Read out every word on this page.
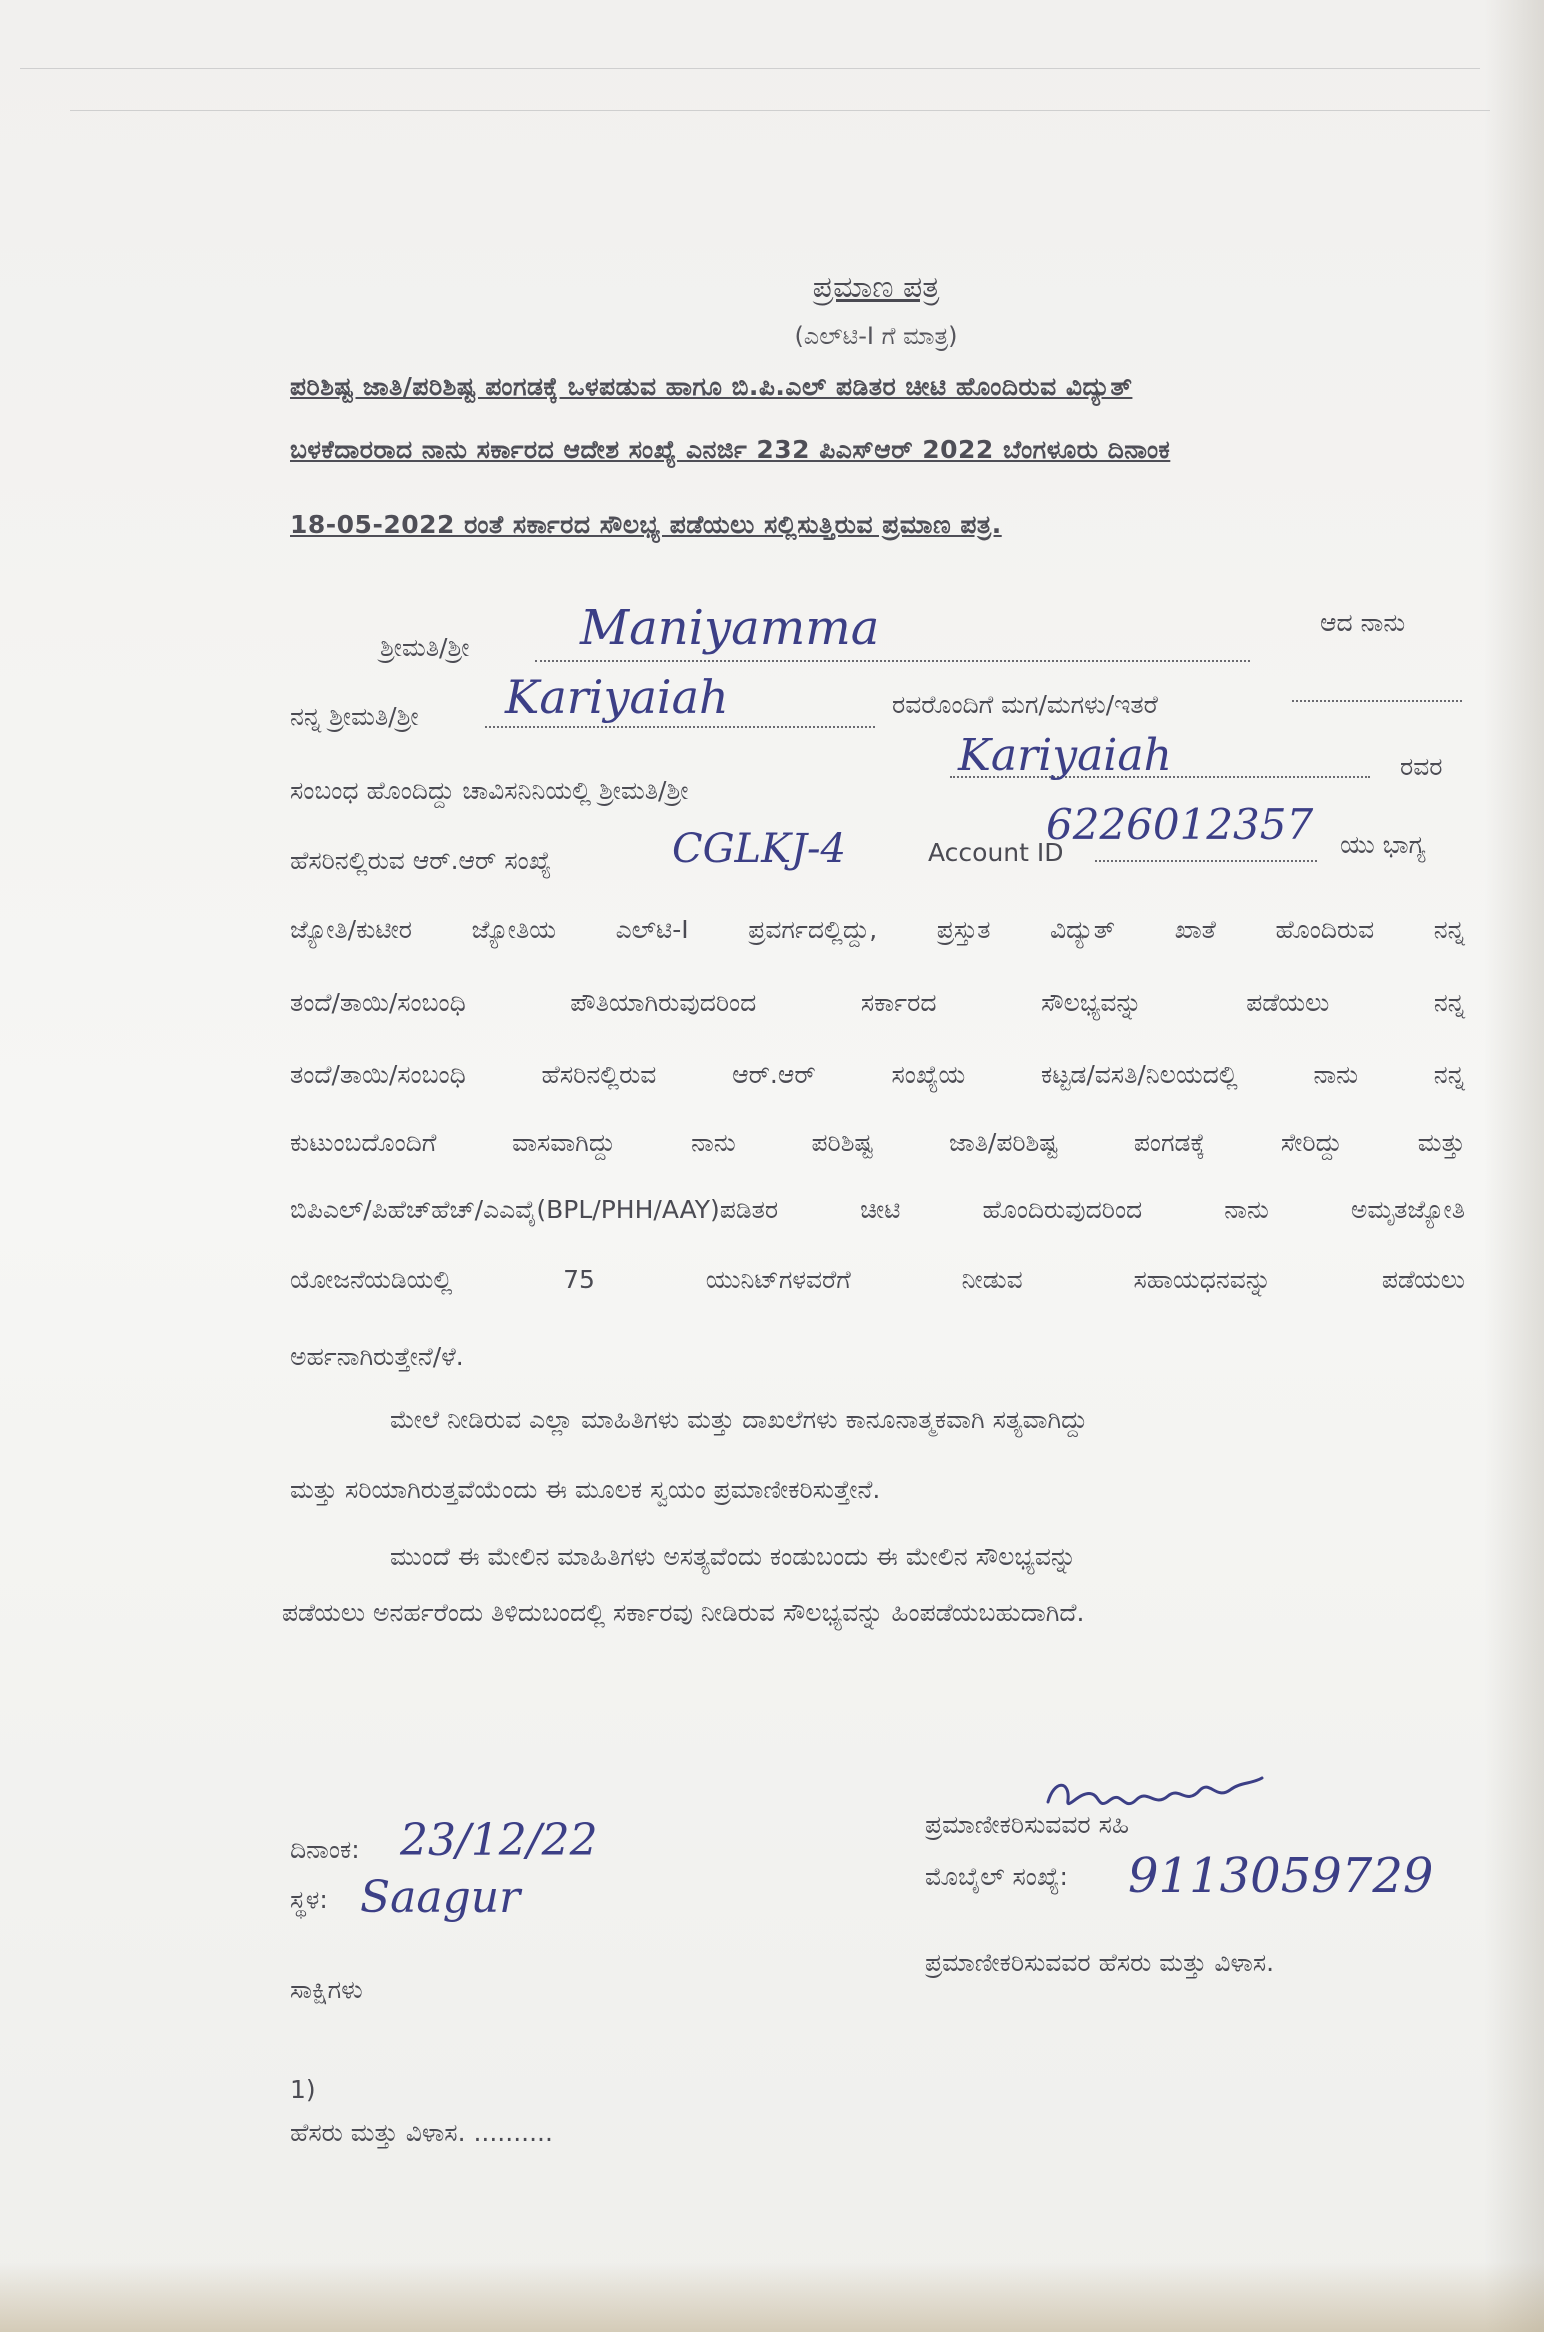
ಪ್ರಮಾಣ ಪತ್ರ
(ಎಲ್‌ಟಿ-I ಗೆ ಮಾತ್ರ)
ಪರಿಶಿಷ್ಟ ಜಾತಿ/ಪರಿಶಿಷ್ಟ ಪಂಗಡಕ್ಕೆ ಒಳಪಡುವ ಹಾಗೂ ಬಿ.ಪಿ.ಎಲ್ ಪಡಿತರ ಚೀಟಿ ಹೊಂದಿರುವ ವಿದ್ಯುತ್
ಬಳಕೆದಾರರಾದ ನಾನು ಸರ್ಕಾರದ ಆದೇಶ ಸಂಖ್ಯೆ ಎನರ್ಜಿ 232 ಪಿಎಸ್‌ಆರ್ 2022 ಬೆಂಗಳೂರು ದಿನಾಂಕ
18-05-2022 ರಂತೆ ಸರ್ಕಾರದ ಸೌಲಭ್ಯ ಪಡೆಯಲು ಸಲ್ಲಿಸುತ್ತಿರುವ ಪ್ರಮಾಣ ಪತ್ರ.
ಶ್ರೀಮತಿ/ಶ್ರೀ Maniyamma	ಆದ ನಾನು
ನನ್ನ ಶ್ರೀಮತಿ/ಶ್ರೀ Kariyaiah	ರವರೊಂದಿಗೆ ಮಗ/ಮಗಳು/ಇತರೆ
ಸಂಬಂಧ ಹೊಂದಿದ್ದು ಚಾವಿಸನಿನಿಯಲ್ಲಿ ಶ್ರೀಮತಿ/ಶ್ರೀ
Kariyaiah	ರವರ
ಹೆಸರಿನಲ್ಲಿರುವ ಆರ್.ಆರ್ ಸಂಖ್ಯೆ	CGLKJ-4	Account ID
6226012357 ಯು ಭಾಗ್ಯ
ಜ್ಯೋತಿ/ಕುಟೀರ ಜ್ಯೋತಿಯ ಎಲ್‌ಟಿ-I ಪ್ರವರ್ಗದಲ್ಲಿದ್ದು, ಪ್ರಸ್ತುತ ವಿದ್ಯುತ್ ಖಾತೆ ಹೊಂದಿರುವ ನನ್ನ
ತಂದೆ/ತಾಯಿ/ಸಂಬಂಧಿ	ಪೌತಿಯಾಗಿರುವುದರಿಂದ	ಸರ್ಕಾರದ	ಸೌಲಭ್ಯವನ್ನು	ಪಡೆಯಲು	ನನ್ನ
ತಂದೆ/ತಾಯಿ/ಸಂಬಂಧಿ	ಹೆಸರಿನಲ್ಲಿರುವ	ಆರ್.ಆರ್	ಸಂಖ್ಯೆಯ	ಕಟ್ಟಡ/ವಸತಿ/ನಿಲಯದಲ್ಲಿ	ನಾನು	ನನ್ನ
ಕುಟುಂಬದೊಂದಿಗೆ	ವಾಸವಾಗಿದ್ದು	ನಾನು	ಪರಿಶಿಷ್ಟ	ಜಾತಿ/ಪರಿಶಿಷ್ಟ	ಪಂಗಡಕ್ಕೆ	ಸೇರಿದ್ದು	ಮತ್ತು
ಬಿಪಿಎಲ್/ಪಿಹೆಚ್‌ಹೆಚ್/ಎಎವೈ(BPL/PHH/AAY)ಪಡಿತರ	ಚೀಟಿ	ಹೊಂದಿರುವುದರಿಂದ	ನಾನು	ಅಮೃತಜ್ಯೋತಿ
ಯೋಜನೆಯಡಿಯಲ್ಲಿ	75	ಯುನಿಟ್‌ಗಳವರೆಗೆ	ನೀಡುವ	ಸಹಾಯಧನವನ್ನು	ಪಡೆಯಲು
ಅರ್ಹನಾಗಿರುತ್ತೇನೆ/ಳೆ.
ಮೇಲೆ ನೀಡಿರುವ ಎಲ್ಲಾ ಮಾಹಿತಿಗಳು ಮತ್ತು ದಾಖಲೆಗಳು ಕಾನೂನಾತ್ಮಕವಾಗಿ ಸತ್ಯವಾಗಿದ್ದು
ಮತ್ತು ಸರಿಯಾಗಿರುತ್ತವೆಯೆಂದು ಈ ಮೂಲಕ ಸ್ವಯಂ ಪ್ರಮಾಣೀಕರಿಸುತ್ತೇನೆ.
ಮುಂದೆ ಈ ಮೇಲಿನ ಮಾಹಿತಿಗಳು ಅಸತ್ಯವೆಂದು ಕಂಡುಬಂದು ಈ ಮೇಲಿನ ಸೌಲಭ್ಯವನ್ನು
ಪಡೆಯಲು ಅನರ್ಹರೆಂದು ತಿಳಿದುಬಂದಲ್ಲಿ ಸರ್ಕಾರವು ನೀಡಿರುವ ಸೌಲಭ್ಯವನ್ನು ಹಿಂಪಡೆಯಬಹುದಾಗಿದೆ.
ದಿನಾಂಕ: 23/12/22
ಸ್ಥಳ: Saagur
ಸಾಕ್ಷಿಗಳು
1)
ಹೆಸರು ಮತ್ತು ವಿಳಾಸ. ..........
ಪ್ರಮಾಣೀಕರಿಸುವವರ ಸಹಿ
ಮೊಬೈಲ್ ಸಂಖ್ಯೆ: 9113059729
ಪ್ರಮಾಣೀಕರಿಸುವವರ ಹೆಸರು ಮತ್ತು ವಿಳಾಸ.
